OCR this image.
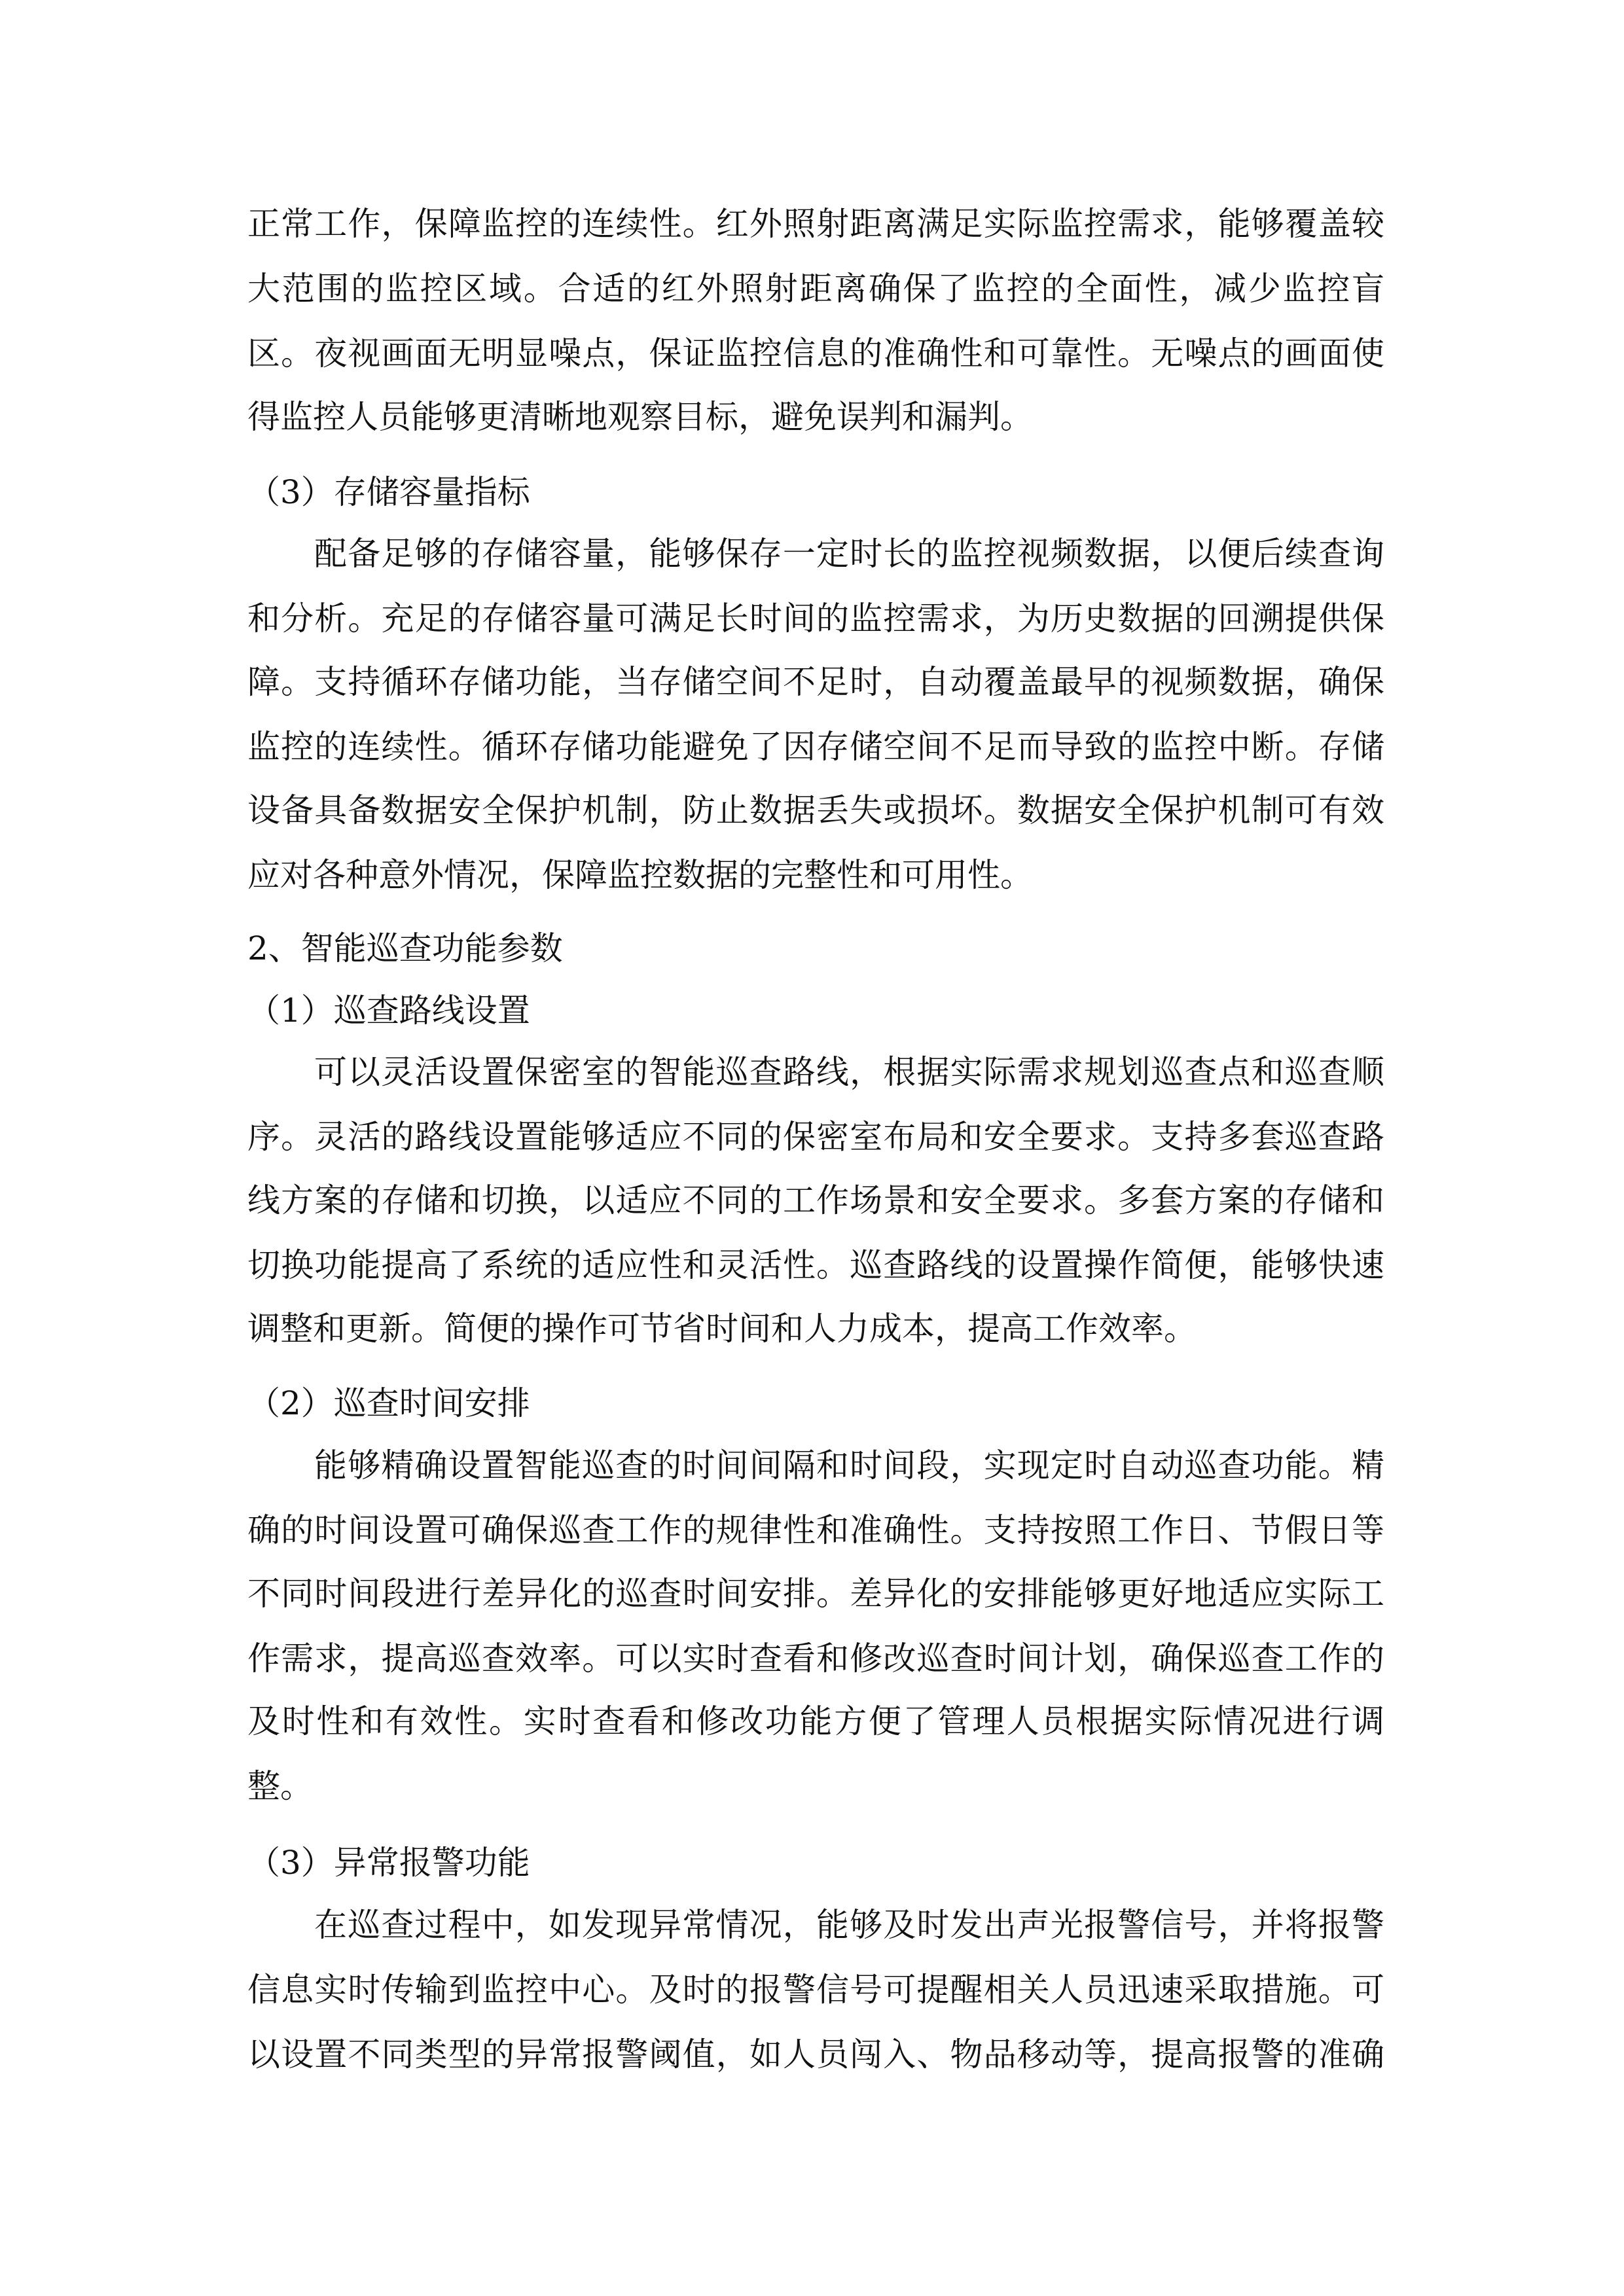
正常工作，保障监控的连续性。红外照射距离满足实际监控需求，能够覆盖较
大范围的监控区域。合适的红外照射距离确保了监控的全面性，减少监控盲
区。夜视画面无明显噪点，保证监控信息的准确性和可靠性。无噪点的画面使
得监控人员能够更清晰地观察目标，避免误判和漏判。
（3）存储容量指标
配备足够的存储容量，能够保存一定时长的监控视频数据，以便后续查询
和分析。充足的存储容量可满足长时间的监控需求，为历史数据的回溯提供保
障。支持循环存储功能，当存储空间不足时，自动覆盖最早的视频数据，确保
监控的连续性。循环存储功能避免了因存储空间不足而导致的监控中断。存储
设备具备数据安全保护机制，防止数据丢失或损坏。数据安全保护机制可有效
应对各种意外情况，保障监控数据的完整性和可用性。
2、智能巡查功能参数
（1）巡查路线设置
可以灵活设置保密室的智能巡查路线，根据实际需求规划巡查点和巡查顺
序。灵活的路线设置能够适应不同的保密室布局和安全要求。支持多套巡查路
线方案的存储和切换，以适应不同的工作场景和安全要求。多套方案的存储和
切换功能提高了系统的适应性和灵活性。巡查路线的设置操作简便，能够快速
调整和更新。简便的操作可节省时间和人力成本，提高工作效率。
（2）巡查时间安排
能够精确设置智能巡查的时间间隔和时间段，实现定时自动巡查功能。精
确的时间设置可确保巡查工作的规律性和准确性。支持按照工作日、节假日等
不同时间段进行差异化的巡查时间安排。差异化的安排能够更好地适应实际工
作需求，提高巡查效率。可以实时查看和修改巡查时间计划，确保巡查工作的
及时性和有效性。实时查看和修改功能方便了管理人员根据实际情况进行调
整。
（3）异常报警功能
在巡查过程中，如发现异常情况，能够及时发出声光报警信号，并将报警
信息实时传输到监控中心。及时的报警信号可提醒相关人员迅速采取措施。可
以设置不同类型的异常报警阈值，如人员闯入、物品移动等，提高报警的准确
